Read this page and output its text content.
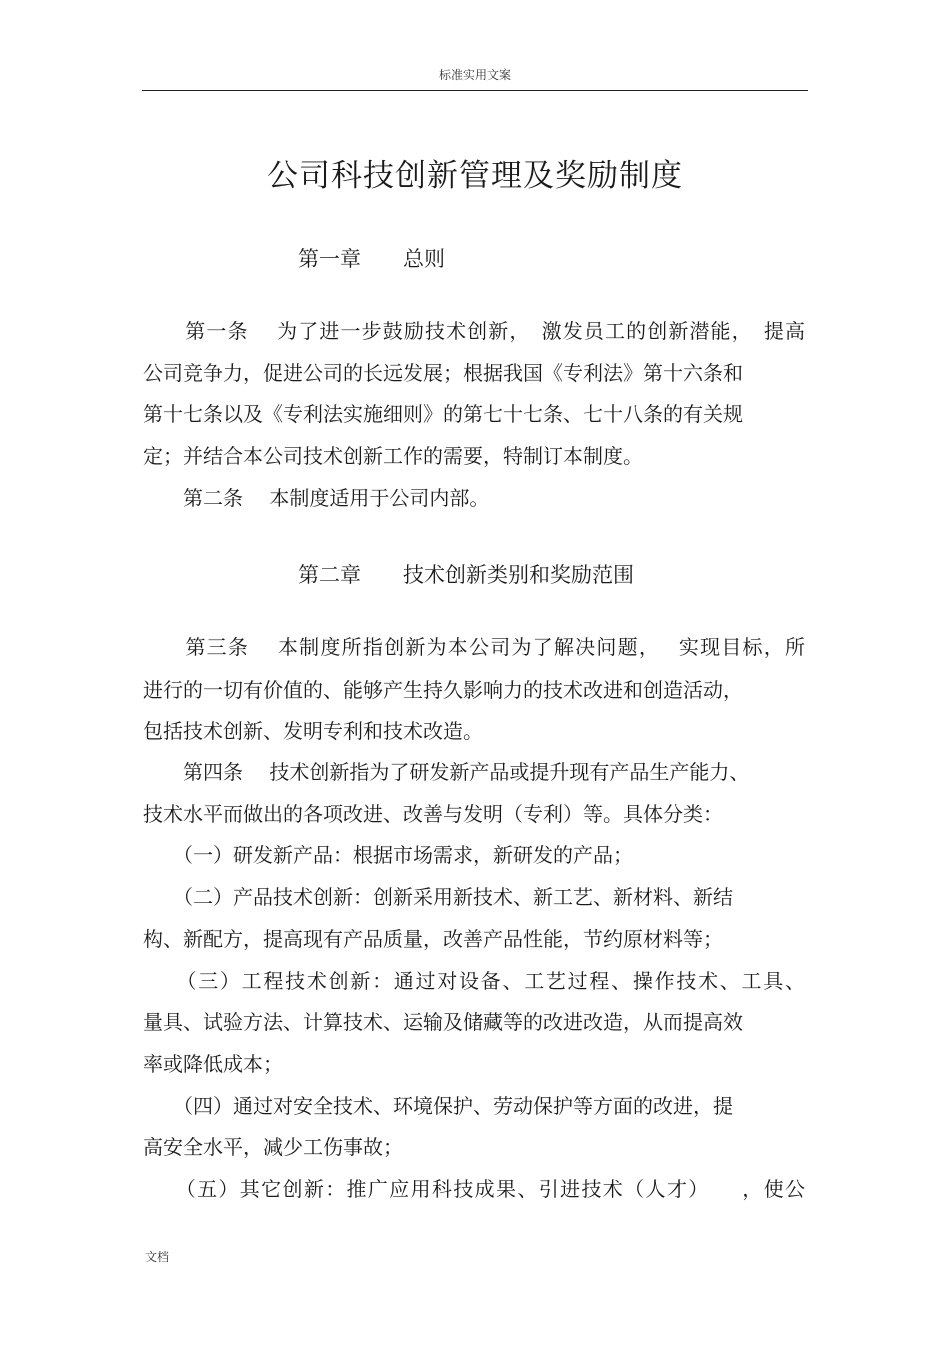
标准实用文案
公司科技创新管理及奖励制度
第一章　　 总则
第二章　　 技术创新类别和奖励范围
　　第一条　 为了进一步鼓励技术创新，　激发员工的创新潜能，　提高
公司竞争力，促进公司的长远发展；根据我国《专利法》第十六条和
第十七条以及《专利法实施细则》的第七十七条、七十八条的有关规
定；并结合本公司技术创新工作的需要，特制订本制度。
　　第二条　 本制度适用于公司内部。
　　第三条　 本制度所指创新为本公司为了解决问题，　 实现目标，所
进行的一切有价值的、能够产生持久影响力的技术改进和创造活动，
包括技术创新、发明专利和技术改造。
　　第四条　 技术创新指为了研发新产品或提升现有产品生产能力、
技术水平而做出的各项改进、改善与发明（专利）等。具体分类：
　　（一）研发新产品：根据市场需求，新研发的产品；
　　（二）产品技术创新：创新采用新技术、新工艺、新材料、新结
构、新配方，提高现有产品质量，改善产品性能，节约原材料等；
　　（三）工程技术创新：通过对设备、工艺过程、操作技术、工具、
量具、试验方法、计算技术、运输及储藏等的改进改造，从而提高效
率或降低成本；
　　（四）通过对安全技术、环境保护、劳动保护等方面的改进，提
高安全水平，减少工伤事故；
　　（五）其它创新：推广应用科技成果、引进技术（人才）　　，使公
文档
